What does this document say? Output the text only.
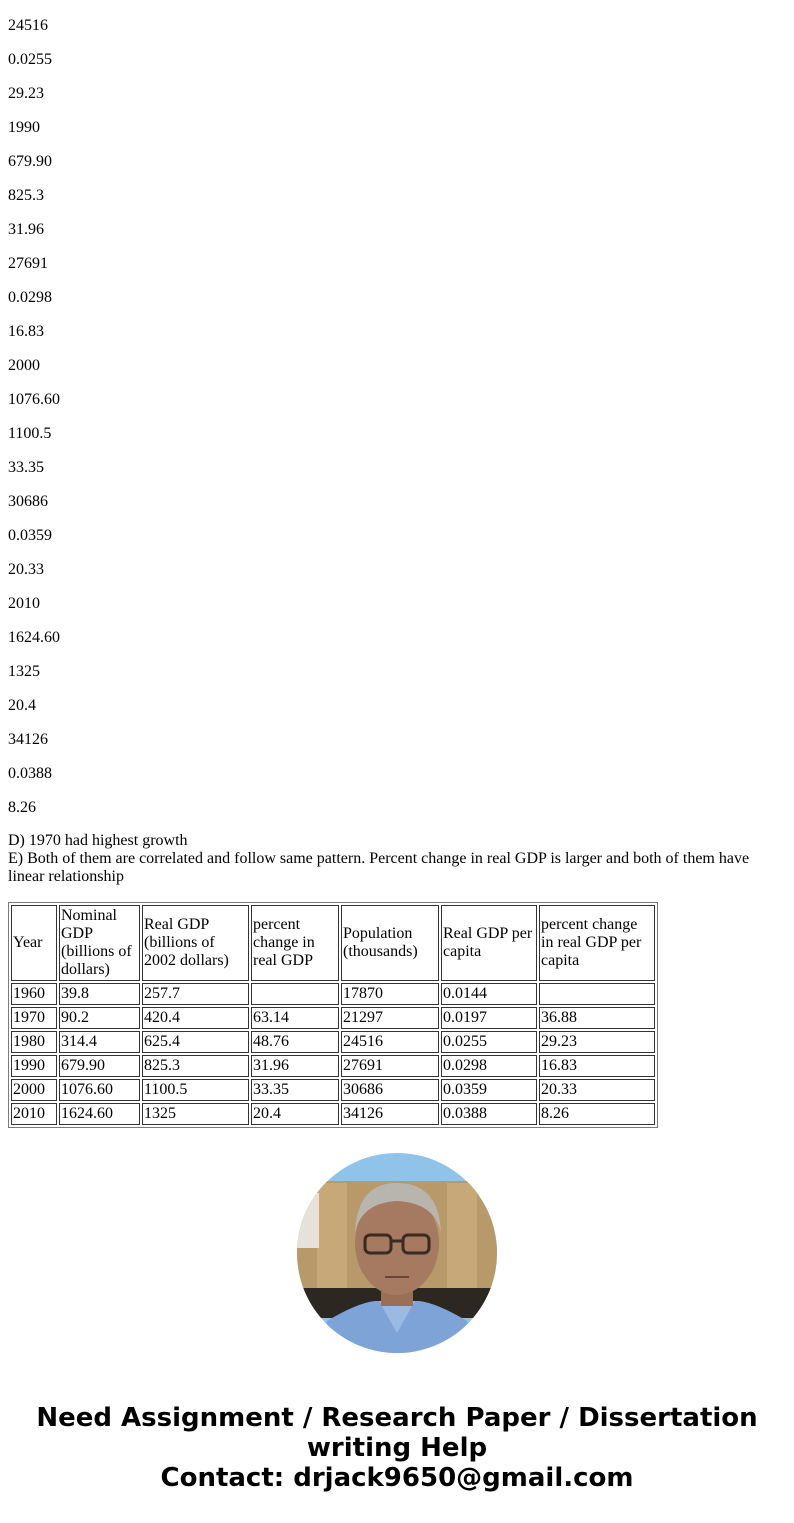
24516

0.0255

29.23

1990

679.90

825.3

31.96

27691

0.0298

16.83

2000

1076.60

1100.5

33.35

30686

0.0359

20.33

2010

1624.60

1325

20.4

34126

0.0388

8.26

D) 1970 had highest growth
E) Both of them are correlated and follow same pattern. Percent change in real GDP is larger and both of them have linear relationship
Year	Nominal GDP (billions of dollars)	Real GDP (billions of 2002 dollars)	percent change in real GDP	Population (thousands)	Real GDP per capita	percent change in real GDP per capita
1960	39.8	257.7		17870	0.0144	
1970	90.2	420.4	63.14	21297	0.0197	36.88
1980	314.4	625.4	48.76	24516	0.0255	29.23
1990	679.90	825.3	31.96	27691	0.0298	16.83
2000	1076.60	1100.5	33.35	30686	0.0359	20.33
2010	1624.60	1325	20.4	34126	0.0388	8.26
Need Assignment / Research Paper / Dissertation
writing Help
Contact: drjack9650@gmail.com
